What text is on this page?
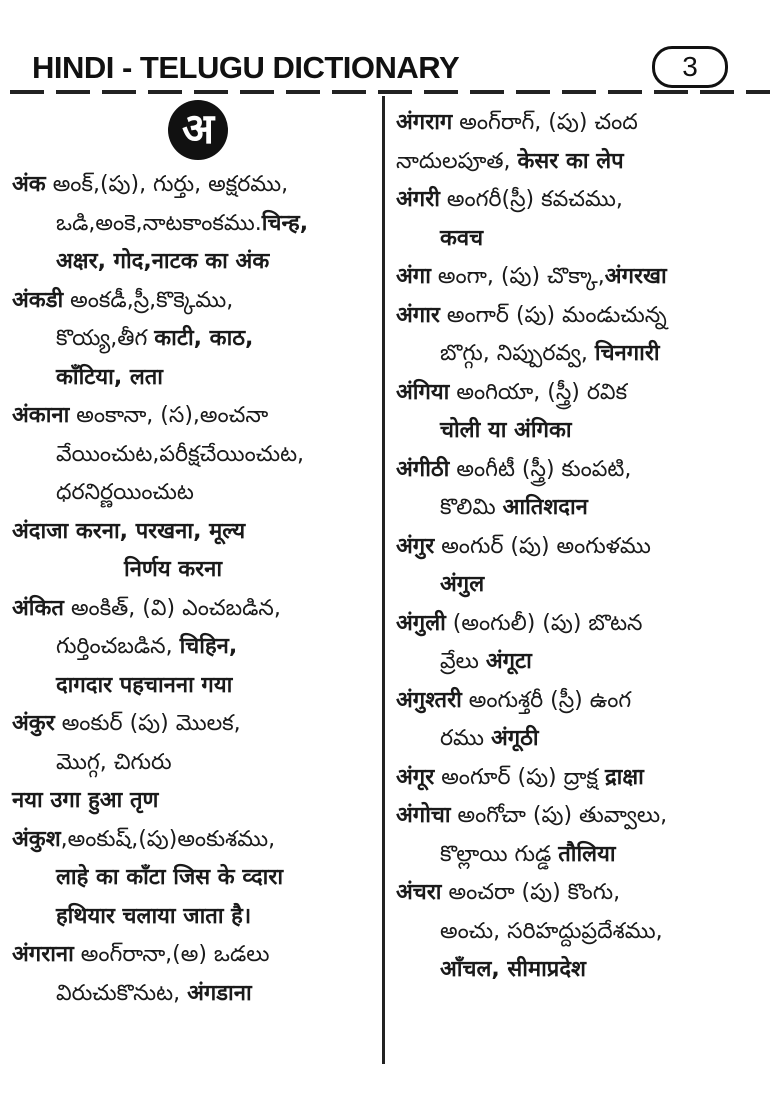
HINDI - TELUGU DICTIONARY	3
अ
अंक అంక్,(పు), గుర్తు, అక్షరము,
ఒడి,అంకె,నాటకాంకము.चिन्ह,
अक्षर, गोद,नाटक का अंक
अंकडी అంకడీ,స్రీ,కొక్కెము,
కొయ్య,తీగ काटी, काठ,
काँटिया, लता
अंकाना అంకానా, (స),అంచనా
వేయించుట,పరీక్షచేయించుట,
ధరనిర్ణయించుట
अंदाजा करना, परखना, मूल्य
निर्णय करना
अंकित అంకిత్, (వి) ఎంచబడిన,
గుర్తించబడిన, चिहिन,
दागदार पहचानना गया
अंकुर అంకుర్ (పు) మొలక,
మొగ్గ, చిగురు
नया उगा हुआ तृण
अंकुश,అంకుష్,(పు)అంకుశము,
लाहे का काँटा जिस के व्दारा
हथियार चलाया जाता है।
अंगराना అంగ్‌రానా,(అ) ఒడలు
విరుచుకొనుట, अंगडाना
अंगराग అంగ్‌రాగ్, (పు) చంద
నాదులపూత, केसर का लेप
अंगरी అంగరీ(స్రీ) కవచము,
कवच
अंगा అంగా, (పు) చొక్కా,अंगरखा
अंगार అంగార్ (పు) మండుచున్న
బొగ్గు, నిప్పురవ్వ, चिनगारी
अंगिया అంగియా, (స్త్రీ) రవిక
चोली या अंगिका
अंगीठी అంగీటీ (స్త్రీ) కుంపటి,
కొలిమి आतिशदान
अंगुर అంగుర్ (పు) అంగుళము
अंगुल
अंगुली (అంగులీ) (పు) బొటన
వ్రేలు अंगूटा
अंगुश्तरी అంగుశ్తరీ (స్రీ) ఉంగ
రము अंगूठी
अंगूर అంగూర్ (పు) ద్రాక్ష द्राक्षा
अंगोचा అంగోచా (పు) తువ్వాలు,
కొల్లాయి గుడ్డ तौलिया
अंचरा అంచరా (పు) కొంగు,
అంచు, సరిహద్దుప్రదేశము,
आँचल, सीमाप्रदेश
